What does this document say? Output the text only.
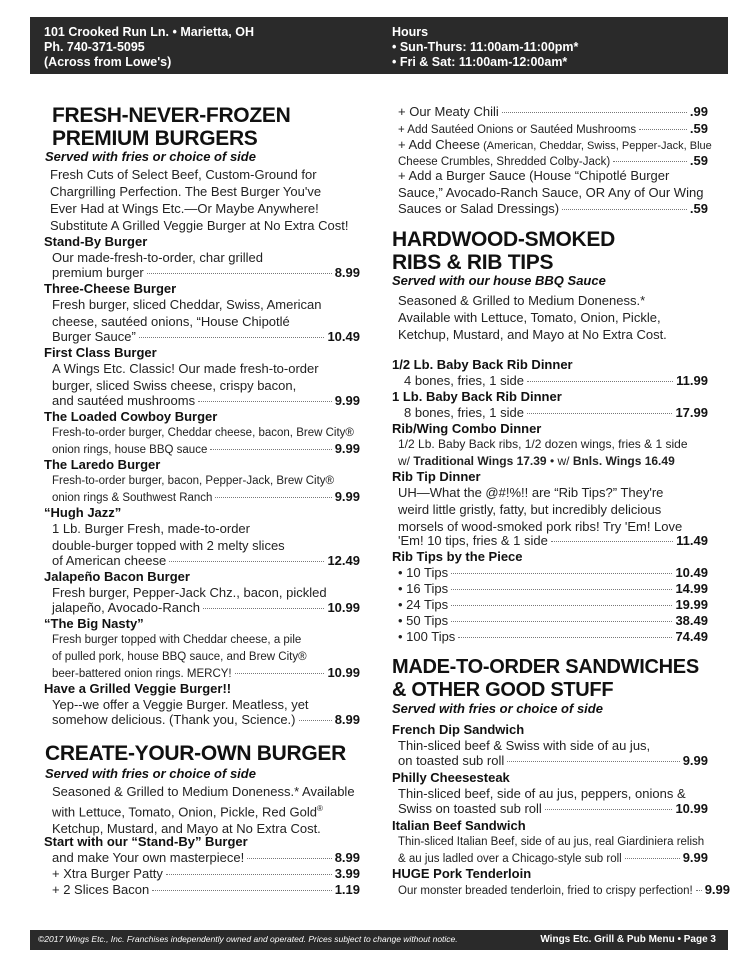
101 Crooked Run Ln. • Marietta, OH
Ph. 740-371-5095
(Across from Lowe's)
Hours
• Sun-Thurs: 11:00am-11:00pm*
• Fri & Sat: 11:00am-12:00am*
FRESH-NEVER-FROZEN
PREMIUM BURGERS
Served with fries or choice of side
Fresh Cuts of Select Beef, Custom-Ground for
Chargrilling Perfection. The Best Burger You've
Ever Had at Wings Etc.—Or Maybe Anywhere!
Substitute A Grilled Veggie Burger at No Extra Cost!
Stand-By Burger
Our made-fresh-to-order, char grilled
premium burger	8.99
Three-Cheese Burger
Fresh burger, sliced Cheddar, Swiss, American
cheese, sautéed onions, “House Chipotlé
Burger Sauce”	10.49
First Class Burger
A Wings Etc. Classic! Our made fresh-to-order
burger, sliced Swiss cheese, crispy bacon,
and sautéed mushrooms	9.99
The Loaded Cowboy Burger
Fresh-to-order burger, Cheddar cheese, bacon, Brew City®
onion rings, house BBQ sauce	9.99
The Laredo Burger
Fresh-to-order burger, bacon, Pepper-Jack, Brew City®
onion rings & Southwest Ranch	9.99
“Hugh Jazz”
1 Lb. Burger Fresh, made-to-order
double-burger topped with 2 melty slices
of American cheese	12.49
Jalapeño Bacon Burger
Fresh burger, Pepper-Jack Chz., bacon, pickled
jalapeño, Avocado-Ranch	10.99
“The Big Nasty”
Fresh burger topped with Cheddar cheese, a pile
of pulled pork, house BBQ sauce, and Brew City®
beer-battered onion rings. MERCY!	10.99
Have a Grilled Veggie Burger!!
Yep--we offer a Veggie Burger. Meatless, yet
somehow delicious. (Thank you, Science.)	8.99
CREATE-YOUR-OWN BURGER
Served with fries or choice of side
Seasoned & Grilled to Medium Doneness.* Available
with Lettuce, Tomato, Onion, Pickle, Red Gold®
Ketchup, Mustard, and Mayo at No Extra Cost.
Start with our “Stand-By” Burger
and make Your own masterpiece!	8.99
+ Xtra Burger Patty	3.99
+ 2 Slices Bacon	1.19
+ Our Meaty Chili	.99
+ Add Sautéed Onions or Sautéed Mushrooms	.59
+ Add Cheese (American, Cheddar, Swiss, Pepper-Jack, Blue
Cheese Crumbles, Shredded Colby-Jack)	.59
+ Add a Burger Sauce (House “Chipotlé Burger
Sauce,” Avocado-Ranch Sauce, OR Any of Our Wing
Sauces or Salad Dressings)	.59
HARDWOOD-SMOKED
RIBS & RIB TIPS
Served with our house BBQ Sauce
Seasoned & Grilled to Medium Doneness.*
Available with Lettuce, Tomato, Onion, Pickle,
Ketchup, Mustard, and Mayo at No Extra Cost.
1/2 Lb. Baby Back Rib Dinner
4 bones, fries, 1 side	11.99
1 Lb. Baby Back Rib Dinner
8 bones, fries, 1 side	17.99
Rib/Wing Combo Dinner
1/2 Lb. Baby Back ribs, 1/2 dozen wings, fries & 1 side
w/ Traditional Wings 17.39 • w/ Bnls. Wings 16.49
Rib Tip Dinner
UH—What the @#!%!! are “Rib Tips?” They're
weird little gristly, fatty, but incredibly delicious
morsels of wood-smoked pork ribs! Try 'Em! Love
'Em! 10 tips, fries & 1 side	11.49
Rib Tips by the Piece
• 10 Tips	10.49
• 16 Tips	14.99
• 24 Tips	19.99
• 50 Tips	38.49
• 100 Tips	74.49
MADE-TO-ORDER SANDWICHES
& OTHER GOOD STUFF
Served with fries or choice of side
French Dip Sandwich
Thin-sliced beef & Swiss with side of au jus,
on toasted sub roll	9.99
Philly Cheesesteak
Thin-sliced beef, side of au jus, peppers, onions &
Swiss on toasted sub roll	10.99
Italian Beef Sandwich
Thin-sliced Italian Beef, side of au jus, real Giardiniera relish
& au jus ladled over a Chicago-style sub roll	9.99
HUGE Pork Tenderloin
Our monster breaded tenderloin, fried to crispy perfection! 9.99
©2017 Wings Etc., Inc. Franchises independently owned and operated. Prices subject to change without notice.	Wings Etc. Grill & Pub Menu • Page 3
